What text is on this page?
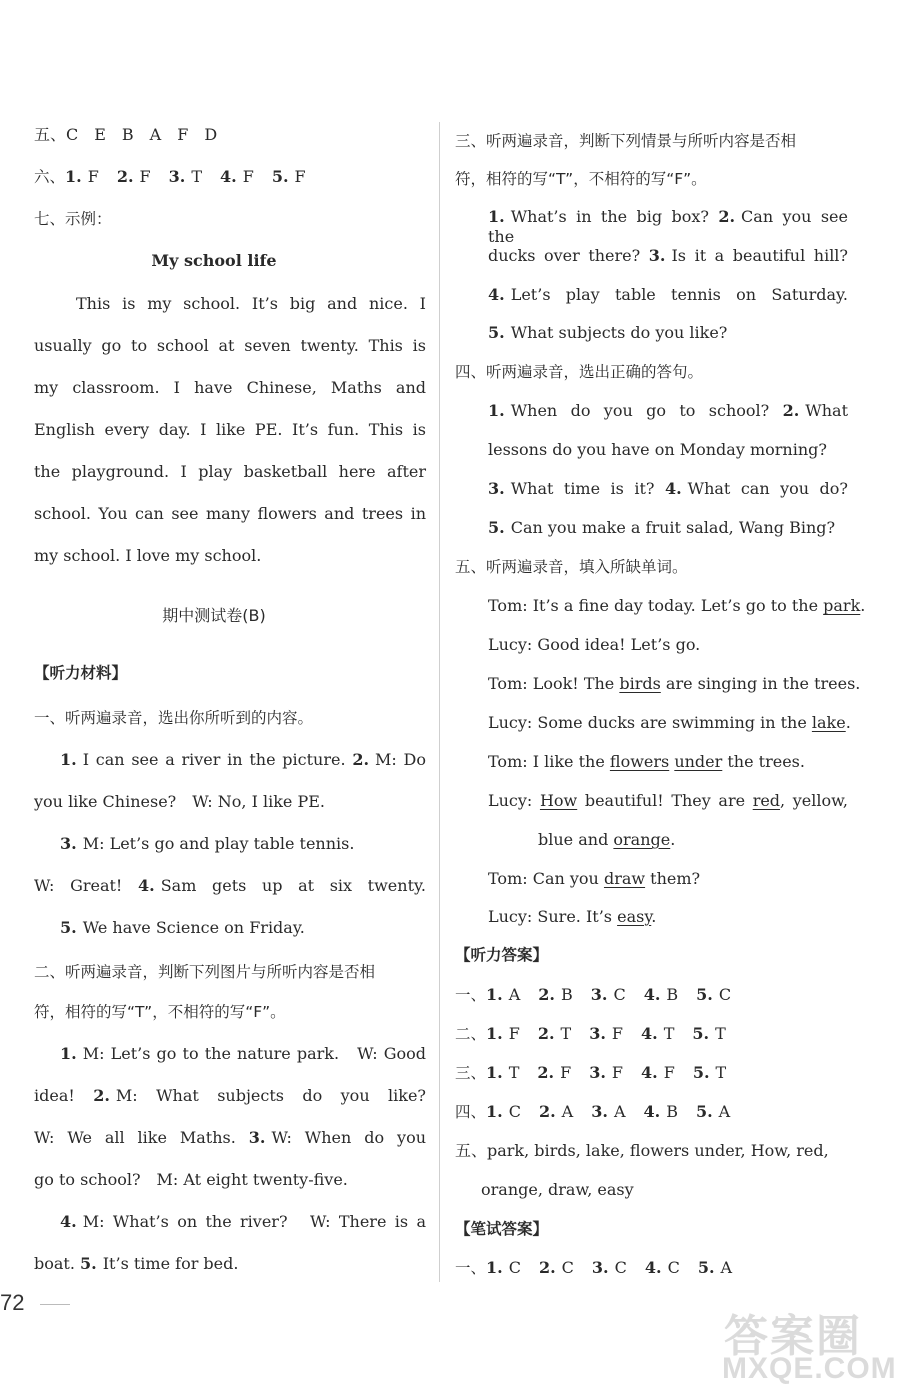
五、C　E　B　A　F　D
六、1. F 2. F 3. T 4. F 5. F
七、示例：
My school life
This is my school. It’s big and nice. I
usually go to school at seven twenty. This is
my classroom. I have Chinese, Maths and
English every day. I like PE. It’s fun. This is
the playground. I play basketball here after
school. You can see many flowers and trees in
my school. I love my school.
期中测试卷(B)
【听力材料】
一、听两遍录音，选出你所听到的内容。
1. I can see a river in the picture. 2. M: Do
you like Chinese?　W: No, I like PE.
3. M: Let’s go and play table tennis.
W: Great! 4. Sam gets up at six twenty.
5. We have Science on Friday.
二、听两遍录音，判断下列图片与所听内容是否相
符，相符的写“T”，不相符的写“F”。
1. M: Let’s go to the nature park.　W: Good
idea! 2. M: What subjects do you like?
W: We all like Maths. 3. W: When do you
go to school?　M: At eight twenty-five.
4. M: What’s on the river?　W: There is a
boat. 5. It’s time for bed.
三、听两遍录音，判断下列情景与所听内容是否相
符，相符的写“T”，不相符的写“F”。
1. What’s in the big box? 2. Can you see the
ducks over there? 3. Is it a beautiful hill?
4. Let’s play table tennis on Saturday.
5. What subjects do you like?
四、听两遍录音，选出正确的答句。
1. When do you go to school? 2. What
lessons do you have on Monday morning?
3. What time is it? 4. What can you do?
5. Can you make a fruit salad, Wang Bing?
五、听两遍录音，填入所缺单词。
Tom: It’s a fine day today. Let’s go to the park.
Lucy: Good idea! Let’s go.
Tom: Look! The birds are singing in the trees.
Lucy: Some ducks are swimming in the lake.
Tom: I like the flowers under the trees.
Lucy: How beautiful! They are red, yellow,
blue and orange.
Tom: Can you draw them?
Lucy: Sure. It’s easy.
【听力答案】
一、1. A 2. B 3. C 4. B 5. C
二、1. F 2. T 3. F 4. T 5. T
三、1. T 2. F 3. F 4. F 5. T
四、1. C 2. A 3. A 4. B 5. A
五、park, birds, lake, flowers under, How, red,
orange, draw, easy
【笔试答案】
一、1. C 2. C 3. C 4. C 5. A
72
答案圈
MXQE.COM
